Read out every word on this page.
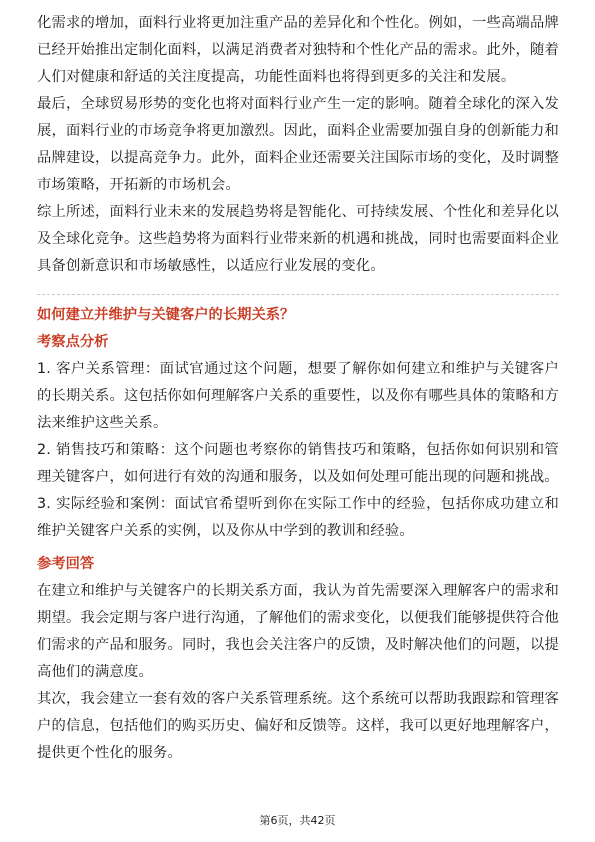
化需求的增加，面料行业将更加注重产品的差异化和个性化。例如，一些高端品牌已经开始推出定制化面料，以满足消费者对独特和个性化产品的需求。此外，随着人们对健康和舒适的关注度提高，功能性面料也将得到更多的关注和发展。

最后，全球贸易形势的变化也将对面料行业产生一定的影响。随着全球化的深入发展，面料行业的市场竞争将更加激烈。因此，面料企业需要加强自身的创新能力和品牌建设，以提高竞争力。此外，面料企业还需要关注国际市场的变化，及时调整市场策略，开拓新的市场机会。

综上所述，面料行业未来的发展趋势将是智能化、可持续发展、个性化和差异化以及全球化竞争。这些趋势将为面料行业带来新的机遇和挑战，同时也需要面料企业具备创新意识和市场敏感性，以适应行业发展的变化。

如何建立并维护与关键客户的长期关系？

考察点分析

1. 客户关系管理：面试官通过这个问题，想要了解你如何建立和维护与关键客户的长期关系。这包括你如何理解客户关系的重要性，以及你有哪些具体的策略和方法来维护这些关系。

2. 销售技巧和策略：这个问题也考察你的销售技巧和策略，包括你如何识别和管理关键客户，如何进行有效的沟通和服务，以及如何处理可能出现的问题和挑战。

3. 实际经验和案例：面试官希望听到你在实际工作中的经验，包括你成功建立和维护关键客户关系的实例，以及你从中学到的教训和经验。

参考回答

在建立和维护与关键客户的长期关系方面，我认为首先需要深入理解客户的需求和期望。我会定期与客户进行沟通，了解他们的需求变化，以便我们能够提供符合他们需求的产品和服务。同时，我也会关注客户的反馈，及时解决他们的问题，以提高他们的满意度。

其次，我会建立一套有效的客户关系管理系统。这个系统可以帮助我跟踪和管理客户的信息，包括他们的购买历史、偏好和反馈等。这样，我可以更好地理解客户，提供更个性化的服务。

第6页，共42页
